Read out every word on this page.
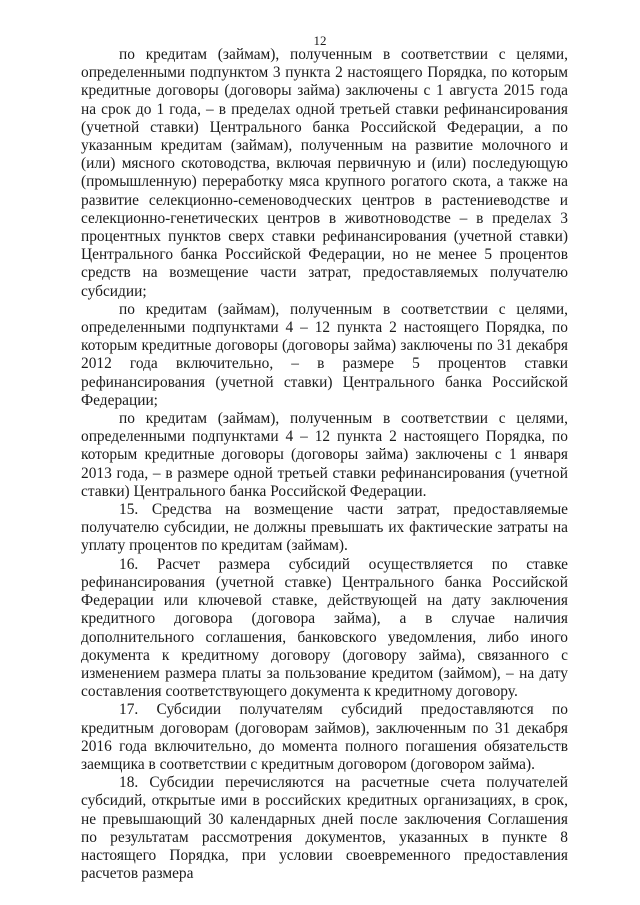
12

по кредитам (займам), полученным в соответствии с целями, определенными подпунктом 3 пункта 2 настоящего Порядка, по которым кредитные договоры (договоры займа) заключены с 1 августа 2015 года на срок до 1 года, – в пределах одной третьей ставки рефинансирования (учетной ставки) Центрального банка Российской Федерации, а по указанным кредитам (займам), полученным на развитие молочного и (или) мясного скотоводства, включая первичную и (или) последующую (промышленную) переработку мяса крупного рогатого скота, а также на развитие селекционно-семеноводческих центров в растениеводстве и селекционно-генетических центров в животноводстве – в пределах 3 процентных пунктов сверх ставки рефинансирования (учетной ставки) Центрального банка Российской Федерации, но не менее 5 процентов средств на возмещение части затрат, предоставляемых получателю субсидии;

по кредитам (займам), полученным в соответствии с целями, определенными подпунктами 4 – 12 пункта 2 настоящего Порядка, по которым кредитные договоры (договоры займа) заключены по 31 декабря 2012 года включительно, – в размере 5 процентов ставки рефинансирования (учетной ставки) Центрального банка Российской Федерации;

по кредитам (займам), полученным в соответствии с целями, определенными подпунктами 4 – 12 пункта 2 настоящего Порядка, по которым кредитные договоры (договоры займа) заключены с 1 января 2013 года, – в размере одной третьей ставки рефинансирования (учетной ставки) Центрального банка Российской Федерации.

15. Средства на возмещение части затрат, предоставляемые получателю субсидии, не должны превышать их фактические затраты на уплату процентов по кредитам (займам).

16. Расчет размера субсидий осуществляется по ставке рефинансирования (учетной ставке) Центрального банка Российской Федерации или ключевой ставке, действующей на дату заключения кредитного договора (договора займа), а в случае наличия дополнительного соглашения, банковского уведомления, либо иного документа к кредитному договору (договору займа), связанного с изменением размера платы за пользование кредитом (займом), – на дату составления соответствующего документа к кредитному договору.

17. Субсидии получателям субсидий предоставляются по кредитным договорам (договорам займов), заключенным по 31 декабря 2016 года включительно, до момента полного погашения обязательств заемщика в соответствии с кредитным договором (договором займа).

18. Субсидии перечисляются на расчетные счета получателей субсидий, открытые ими в российских кредитных организациях, в срок, не превышающий 30 календарных дней после заключения Соглашения по результатам рассмотрения документов, указанных в пункте 8 настоящего Порядка, при условии своевременного предоставления расчетов размера
